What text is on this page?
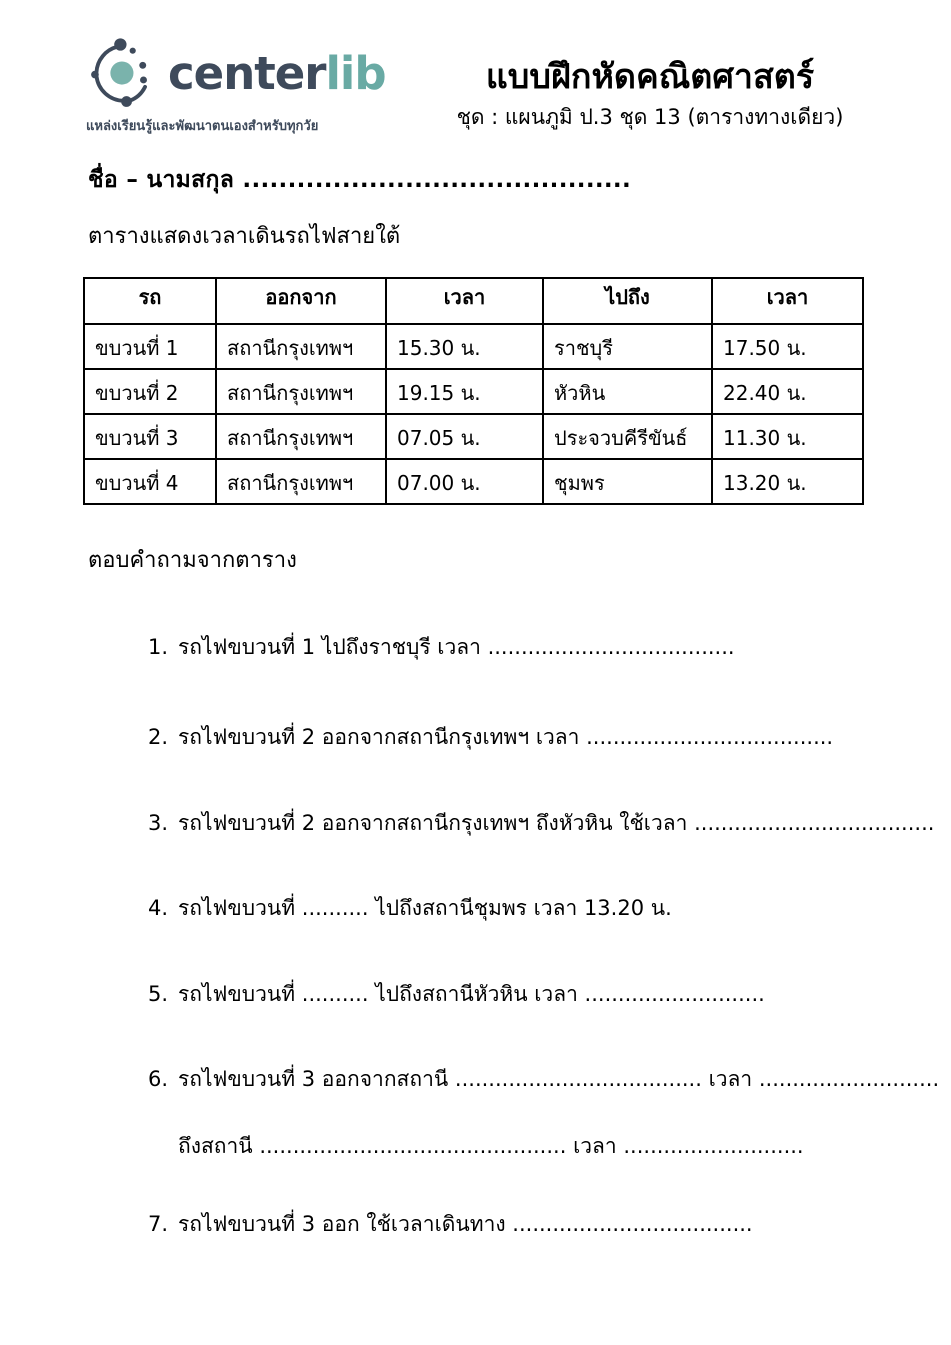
centerlib
แหล่งเรียนรู้และพัฒนาตนเองสำหรับทุกวัย
แบบฝึกหัดคณิตศาสตร์
ชุด : แผนภูมิ ป.3 ชุด 13 (ตารางทางเดียว)
ชื่อ – นามสกุล ...........................................
ตารางแสดงเวลาเดินรถไฟสายใต้
รถ	ออกจาก	เวลา	ไปถึง	เวลา
ขบวนที่ 1	สถานีกรุงเทพฯ	15.30 น.	ราชบุรี	17.50 น.
ขบวนที่ 2	สถานีกรุงเทพฯ	19.15 น.	หัวหิน	22.40 น.
ขบวนที่ 3	สถานีกรุงเทพฯ	07.05 น.	ประจวบคีรีขันธ์	11.30 น.
ขบวนที่ 4	สถานีกรุงเทพฯ	07.00 น.	ชุมพร	13.20 น.
ตอบคำถามจากตาราง
1. รถไฟขบวนที่ 1 ไปถึงราชบุรี เวลา .....................................
2. รถไฟขบวนที่ 2 ออกจากสถานีกรุงเทพฯ เวลา .....................................
3. รถไฟขบวนที่ 2 ออกจากสถานีกรุงเทพฯ ถึงหัวหิน ใช้เวลา ....................................
4. รถไฟขบวนที่ .......... ไปถึงสถานีชุมพร เวลา 13.20 น.
5. รถไฟขบวนที่ .......... ไปถึงสถานีหัวหิน เวลา ...........................
6. รถไฟขบวนที่ 3 ออกจากสถานี ..................................... เวลา ...........................
ถึงสถานี .............................................. เวลา ...........................
7. รถไฟขบวนที่ 3 ออก ใช้เวลาเดินทาง ....................................
